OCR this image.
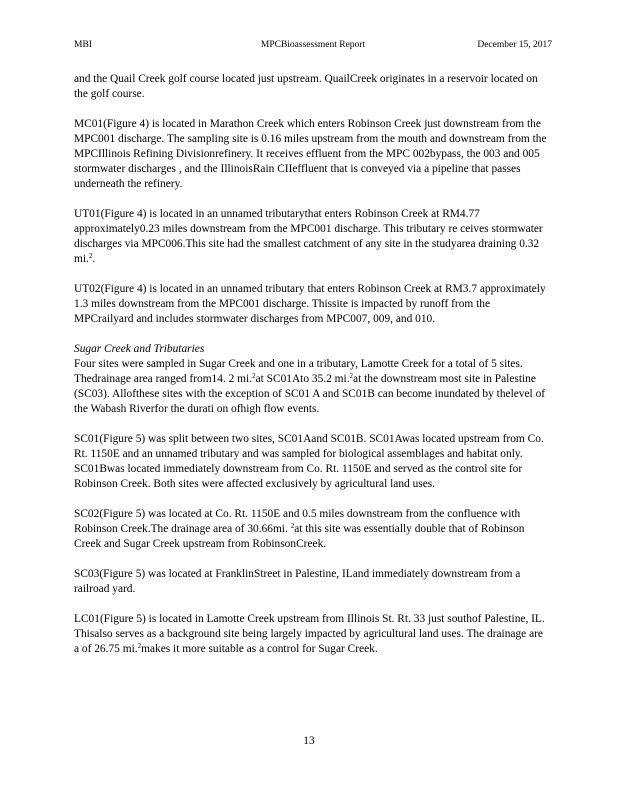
MBI	MPCBioassessment Report	December 15, 2017

and the Quail Creek golf course located just upstream. QuailCreek originates in a reservoir located on the golf course.

MC01(Figure 4) is located in Marathon Creek which enters Robinson Creek just downstream from the MPC001 discharge. The sampling site is 0.16 miles upstream from the mouth and downstream from the MPCIllinois Refining Divisionrefinery. It receives effluent from the MPC 002bypass, the 003 and 005 stormwater discharges , and the IllinoisRain CIIeffluent that is conveyed via a pipeline that passes underneath the refinery.

UT01(Figure 4) is located in an unnamed tributarythat enters Robinson Creek at RM4.77 approximately0.23 miles downstream from the MPC001 discharge. This tributary re ceives stormwater discharges via MPC006.This site had the smallest catchment of any site in the studyarea draining 0.32 mi.$^2$.

UT02(Figure 4) is located in an unnamed tributary that enters Robinson Creek at RM3.7 approximately 1.3 miles downstream from the MPC001 discharge. Thissite is impacted by runoff from the MPCrailyard and includes stormwater discharges from MPC007, 009, and 010.

Sugar Creek and Tributaries

Four sites were sampled in Sugar Creek and one in a tributary, Lamotte Creek for a total of 5 sites. Thedrainage area ranged from14. 2 mi.$^2$at SC01Ato 35.2 mi.$^2$at the downstream most site in Palestine (SC03). Allofthese sites with the exception of SC01 A and SC01B can become inundated by thelevel of the Wabash Riverfor the durati on ofhigh flow events.

SC01(Figure 5) was split between two sites, SC01Aand SC01B. SC01Awas located upstream from Co. Rt. 1150E and an unnamed tributary and was sampled for biological assemblages and habitat only. SC01Bwas located immediately downstream from Co. Rt. 1150E and served as the control site for Robinson Creek. Both sites were affected exclusively by agricultural land uses.

SC02(Figure 5) was located at Co. Rt. 1150E and 0.5 miles downstream from the confluence with Robinson Creek.The drainage area of 30.66mi. $^2$at this site was essentially double that of Robinson Creek and Sugar Creek upstream from RobinsonCreek.

SC03(Figure 5) was located at FranklinStreet in Palestine, ILand immediately downstream from a railroad yard.

LC01(Figure 5) is located in Lamotte Creek upstream from Illinois St. Rt. 33 just southof Palestine, IL. Thisalso serves as a background site being largely impacted by agricultural land uses. The drainage are a of 26.75 mi.$^2$makes it more suitable as a control for Sugar Creek.

13
